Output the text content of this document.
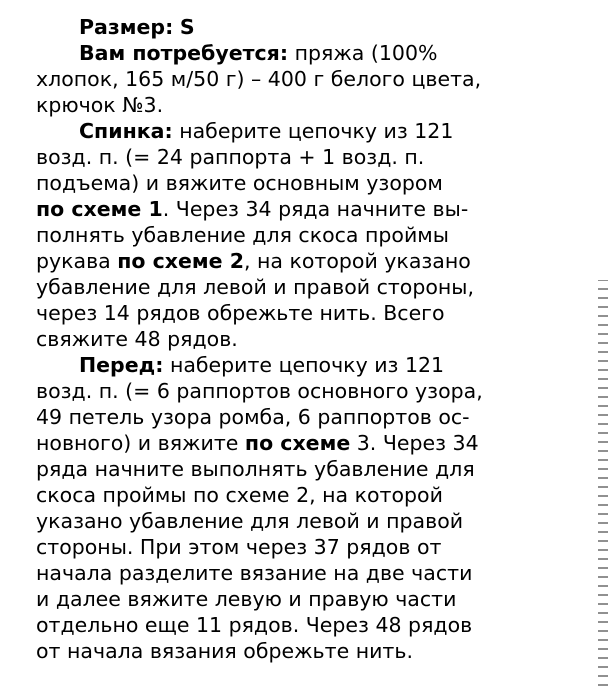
Размер: S
Вам потребуется: пряжа (100%
хлопок, 165 м/50 г) – 400 г белого цвета,
крючок №3.
Спинка: наберите цепочку из 121
возд. п. (= 24 раппорта + 1 возд. п.
подъема) и вяжите основным узором
по схеме 1. Через 34 ряда начните вы-
полнять убавление для скоса проймы
рукава по схеме 2, на которой указано
убавление для левой и правой стороны,
через 14 рядов обрежьте нить. Всего
свяжите 48 рядов.
Перед: наберите цепочку из 121
возд. п. (= 6 раппортов основного узора,
49 петель узора ромба, 6 раппортов ос-
новного) и вяжите по схеме 3. Через 34
ряда начните выполнять убавление для
скоса проймы по схеме 2, на которой
указано убавление для левой и правой
стороны. При этом через 37 рядов от
начала разделите вязание на две части
и далее вяжите левую и правую части
отдельно еще 11 рядов. Через 48 рядов
от начала вязания обрежьте нить.
